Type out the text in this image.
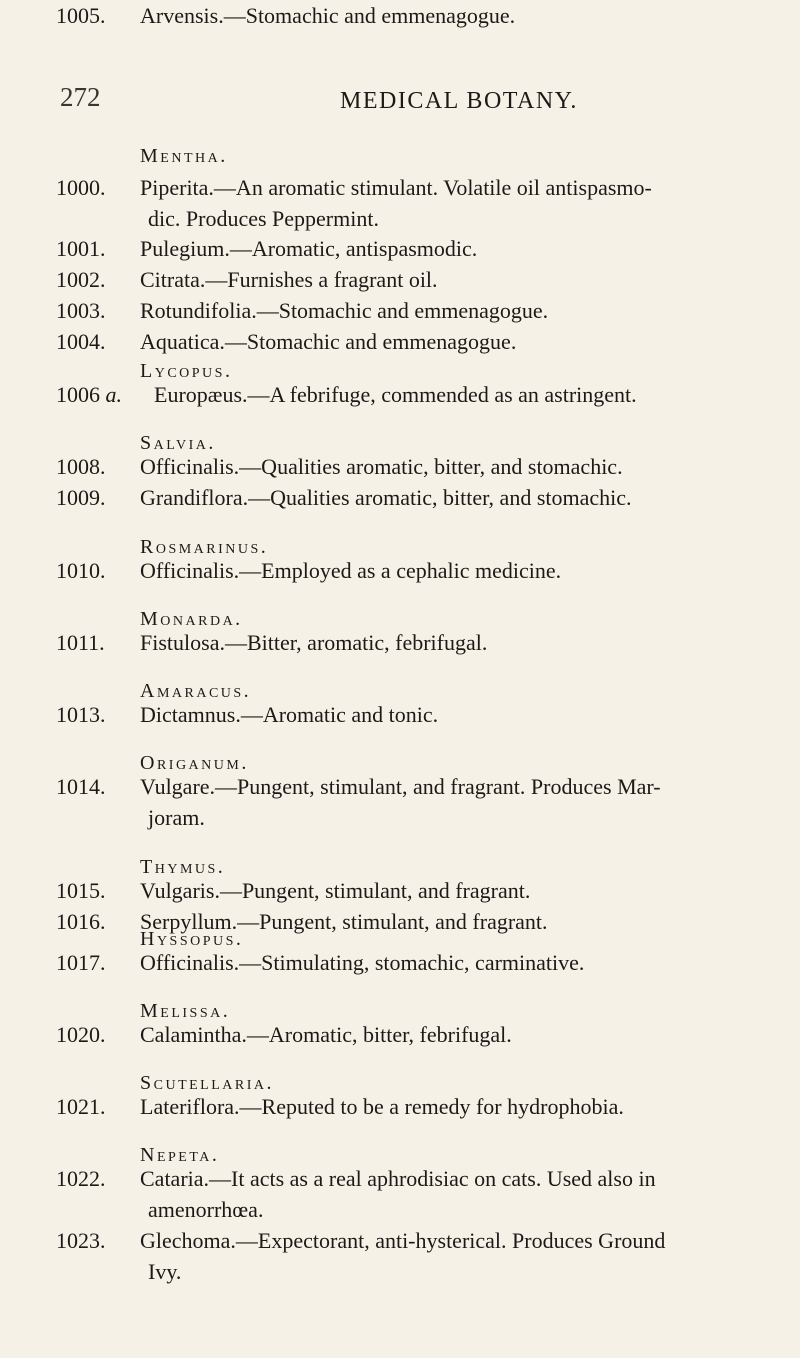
272	MEDICAL BOTANY.
Mentha.
1000. Piperita.—An aromatic stimulant. Volatile oil antispasmo-
dic. Produces Peppermint.
1001. Pulegium.—Aromatic, antispasmodic.
1002. Citrata.—Furnishes a fragrant oil.
1003. Rotundifolia.—Stomachic and emmenagogue.
1004. Aquatica.—Stomachic and emmenagogue.
1005. Arvensis.—Stomachic and emmenagogue.
Lycopus.
1006 a. Europæus.—A febrifuge, commended as an astringent.
Salvia.
1008. Officinalis.—Qualities aromatic, bitter, and stomachic.
1009. Grandiflora.—Qualities aromatic, bitter, and stomachic.
Rosmarinus.
1010. Officinalis.—Employed as a cephalic medicine.
Monarda.
1011. Fistulosa.—Bitter, aromatic, febrifugal.
Amaracus.
1013. Dictamnus.—Aromatic and tonic.
Origanum.
1014. Vulgare.—Pungent, stimulant, and fragrant. Produces Mar-
joram.
Thymus.
1015. Vulgaris.—Pungent, stimulant, and fragrant.
1016. Serpyllum.—Pungent, stimulant, and fragrant.
Hyssopus.
1017. Officinalis.—Stimulating, stomachic, carminative.
Melissa.
1020. Calamintha.—Aromatic, bitter, febrifugal.
Scutellaria.
1021. Lateriflora.—Reputed to be a remedy for hydrophobia.
Nepeta.
1022. Cataria.—It acts as a real aphrodisiac on cats. Used also in
amenorrhœa.
1023. Glechoma.—Expectorant, anti-hysterical. Produces Ground
Ivy.
